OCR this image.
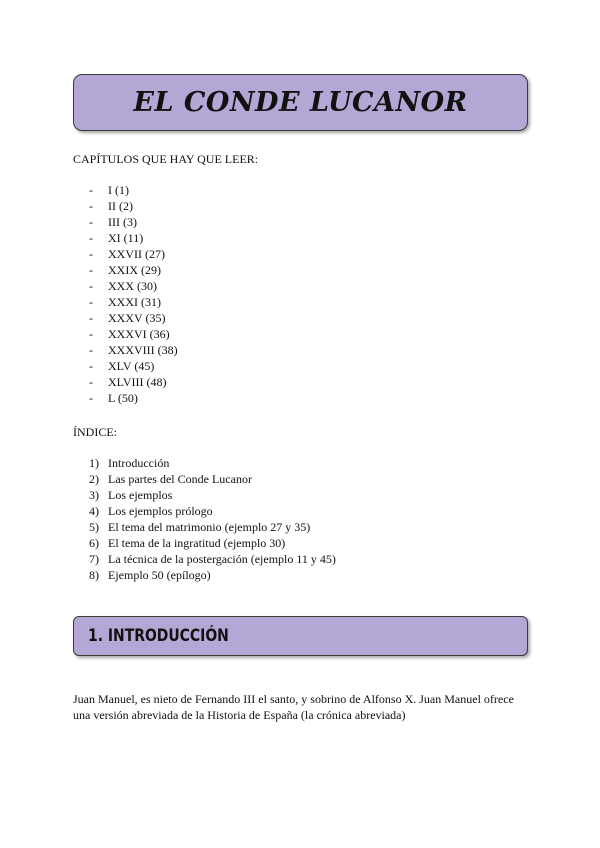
EL CONDE LUCANOR
CAPÍTULOS QUE HAY QUE LEER:
-	I (1)
-	II (2)
-	III (3)
-	XI (11)
-	XXVII (27)
-	XXIX (29)
-	XXX (30)
-	XXXI (31)
-	XXXV (35)
-	XXXVI (36)
-	XXXVIII (38)
-	XLV (45)
-	XLVIII (48)
-	L (50)
ÍNDICE:
1) Introducción
2) Las partes del Conde Lucanor
3) Los ejemplos
4) Los ejemplos prólogo
5) El tema del matrimonio (ejemplo 27 y 35)
6) El tema de la ingratitud (ejemplo 30)
7) La técnica de la postergación (ejemplo 11 y 45)
8) Ejemplo 50 (epílogo)
1. INTRODUCCIÓN

Juan Manuel, es nieto de Fernando III el santo, y sobrino de Alfonso X. Juan Manuel ofrece una versión abreviada de la Historia de España (la crónica abreviada)
